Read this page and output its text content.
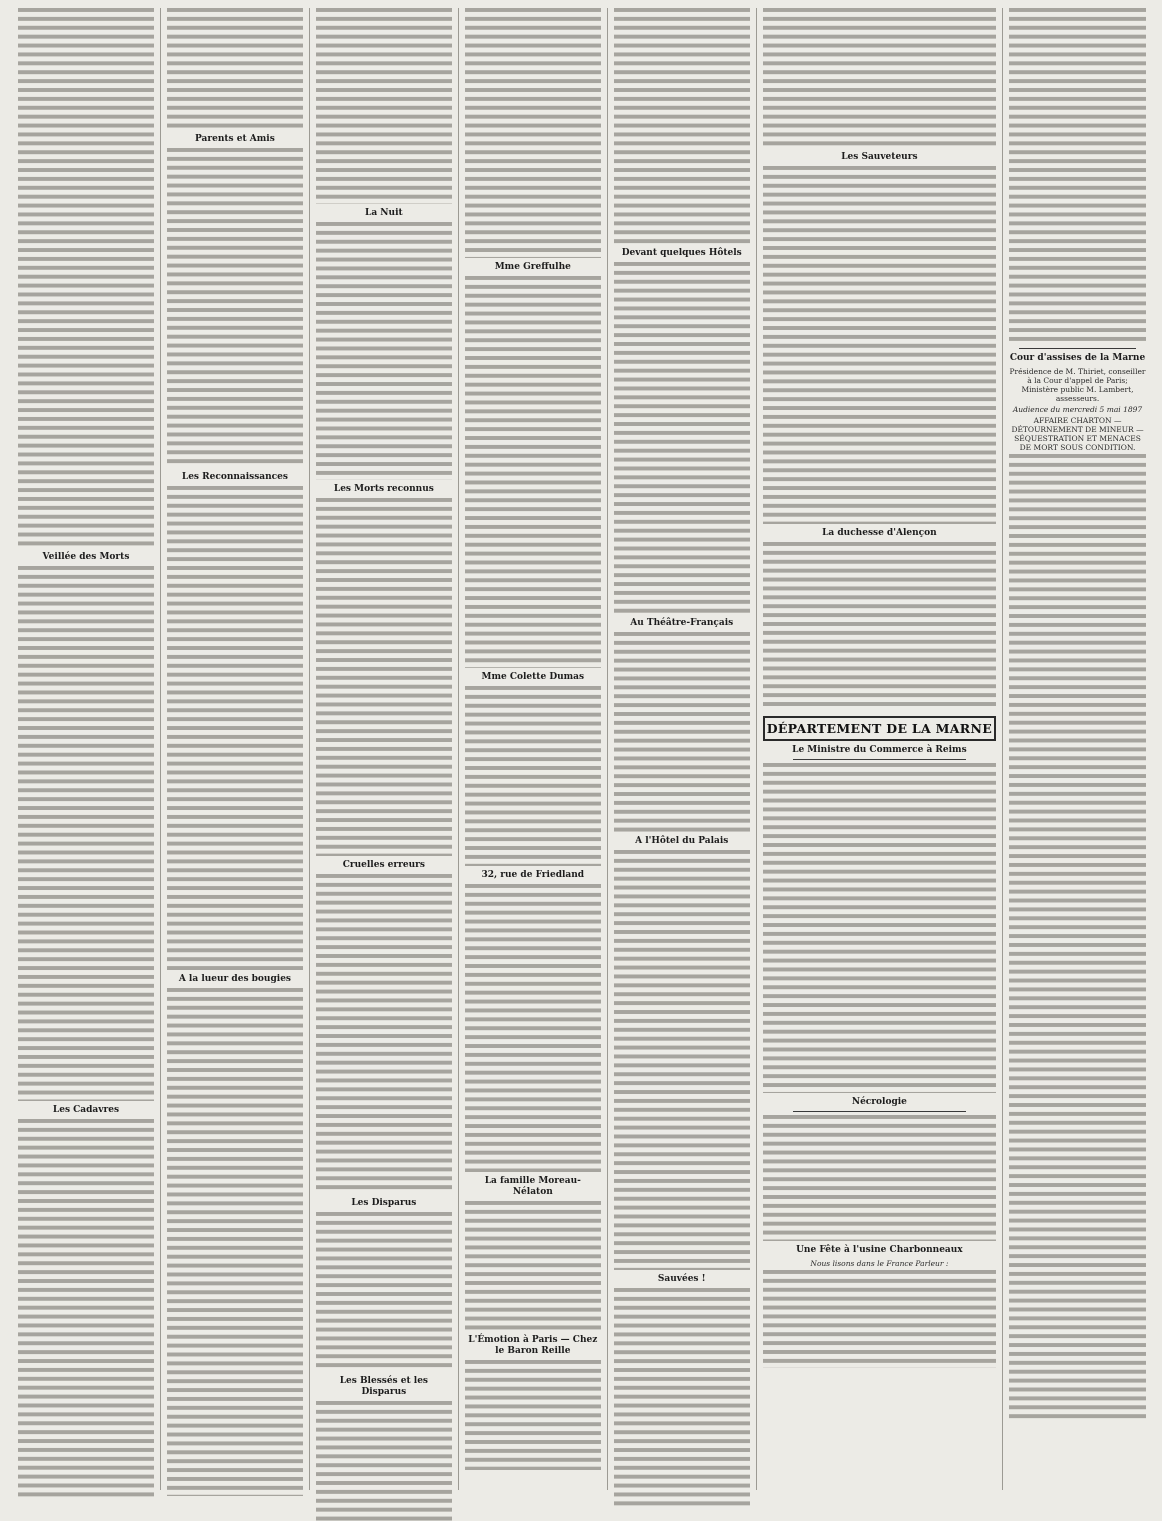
Veillée des Morts
Les Cadavres
Parents et Amis
Les Reconnaissances
A la lueur des bougies
La Nuit
Les Morts reconnus
Cruelles erreurs
Les Disparus
Les Blessés et les Disparus
Mme Greffulhe
Mme Colette Dumas
32, rue de Friedland
La famille Moreau-Nélaton
L'Émotion à Paris — Chez le Baron Reille
Devant quelques Hôtels
Au Théâtre-Français
A l'Hôtel du Palais
Sauvées !
Les Sauveteurs
La duchesse d'Alençon
DÉPARTEMENT DE LA MARNE
Le Ministre du Commerce à Reims
Nécrologie
Une Fête à l'usine Charbonneaux
Nous lisons dans le France Parleur :
Cour d'assises de la Marne
Présidence de M. Thiriet, conseiller à la Cour d'appel de Paris; Ministère public M. Lambert, assesseurs.
Audience du mercredi 5 mai 1897
AFFAIRE CHARTON — DÉTOURNEMENT DE MINEUR — SÉQUESTRATION ET MENACES DE MORT SOUS CONDITION.
